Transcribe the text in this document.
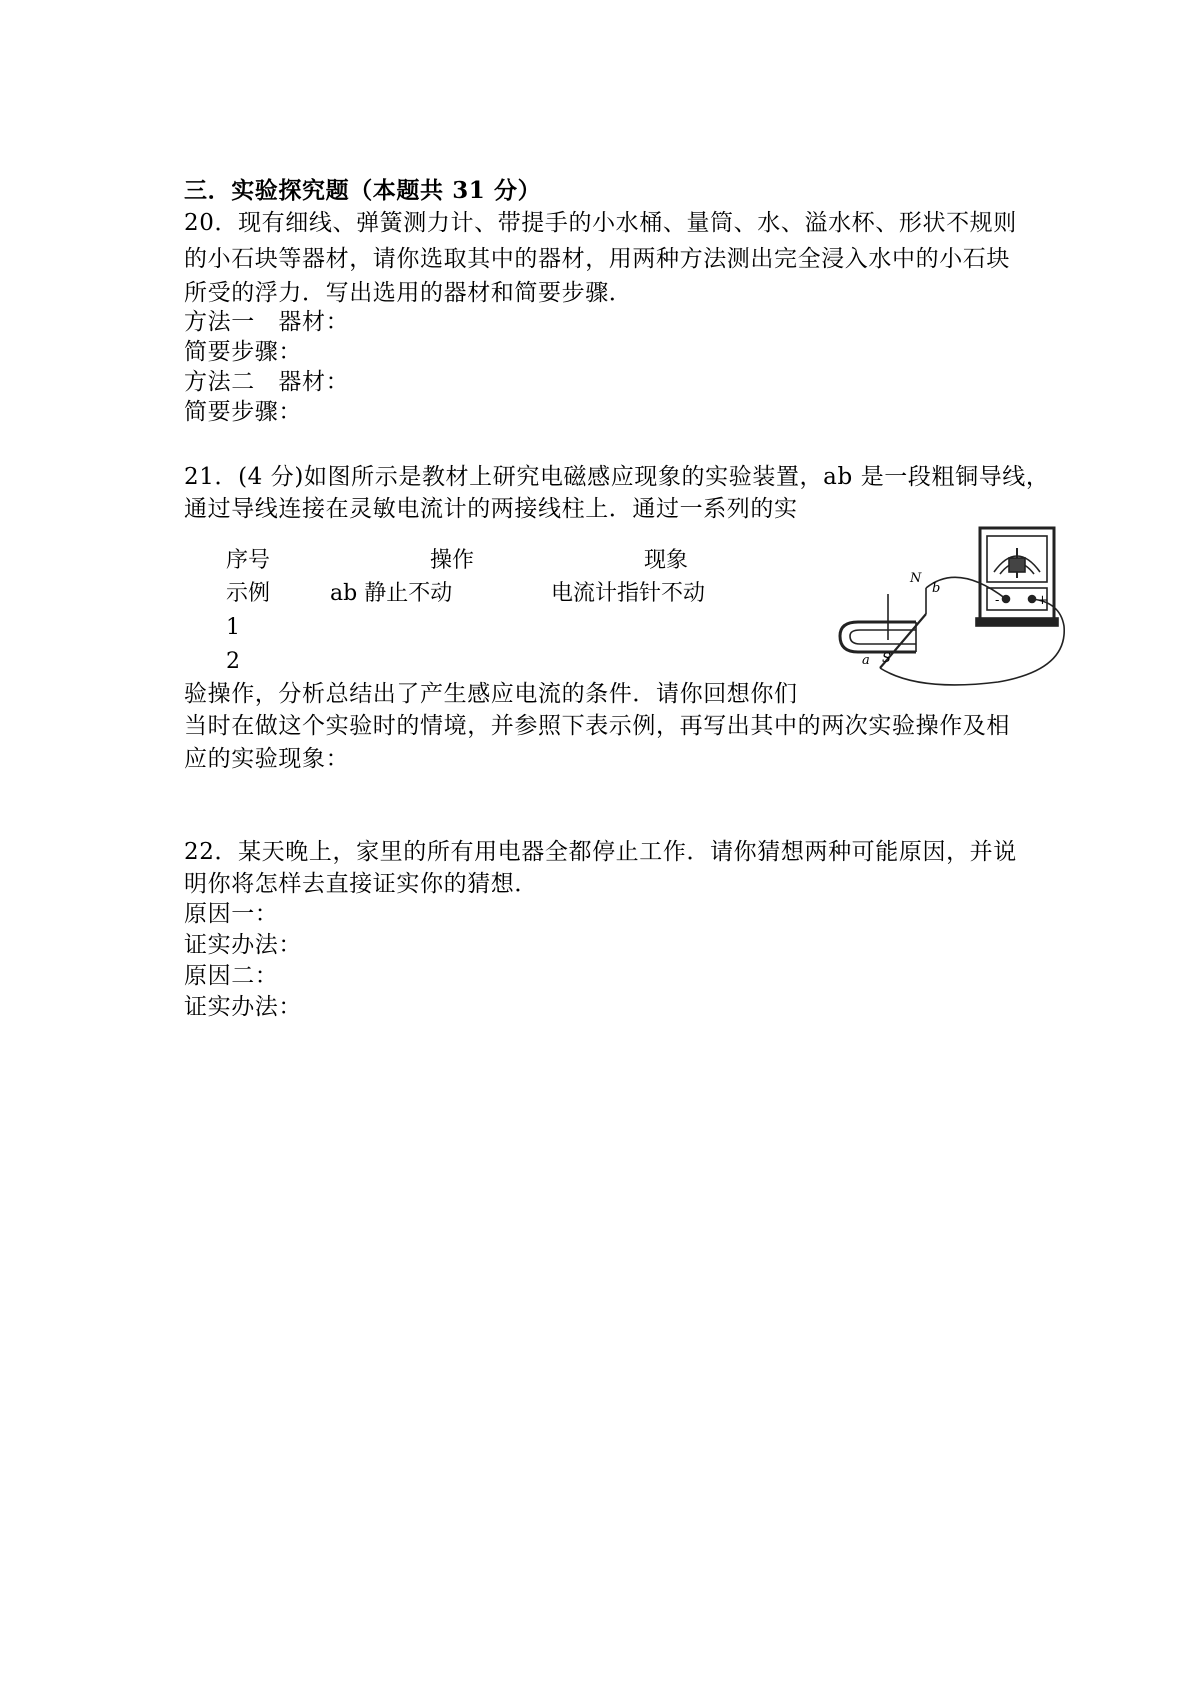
三．实验探究题（本题共 31 分）
20．现有细线、弹簧测力计、带提手的小水桶、量筒、水、溢水杯、形状不规则
的小石块等器材，请你选取其中的器材，用两种方法测出完全浸入水中的小石块
所受的浮力．写出选用的器材和简要步骤．
方法一　器材：
简要步骤：
方法二　器材：
简要步骤：
21．(4 分)如图所示是教材上研究电磁感应现象的实验装置，ab 是一段粗铜导线，
通过导线连接在灵敏电流计的两接线柱上．通过一系列的实
序号	操作	现象
示例	ab 静止不动	电流计指针不动
1
2
N
b
S
a
-	+
验操作，分析总结出了产生感应电流的条件．请你回想你们
当时在做这个实验时的情境，并参照下表示例，再写出其中的两次实验操作及相
应的实验现象：
22．某天晚上，家里的所有用电器全都停止工作．请你猜想两种可能原因，并说
明你将怎样去直接证实你的猜想．
原因一：
证实办法：
原因二：
证实办法：
